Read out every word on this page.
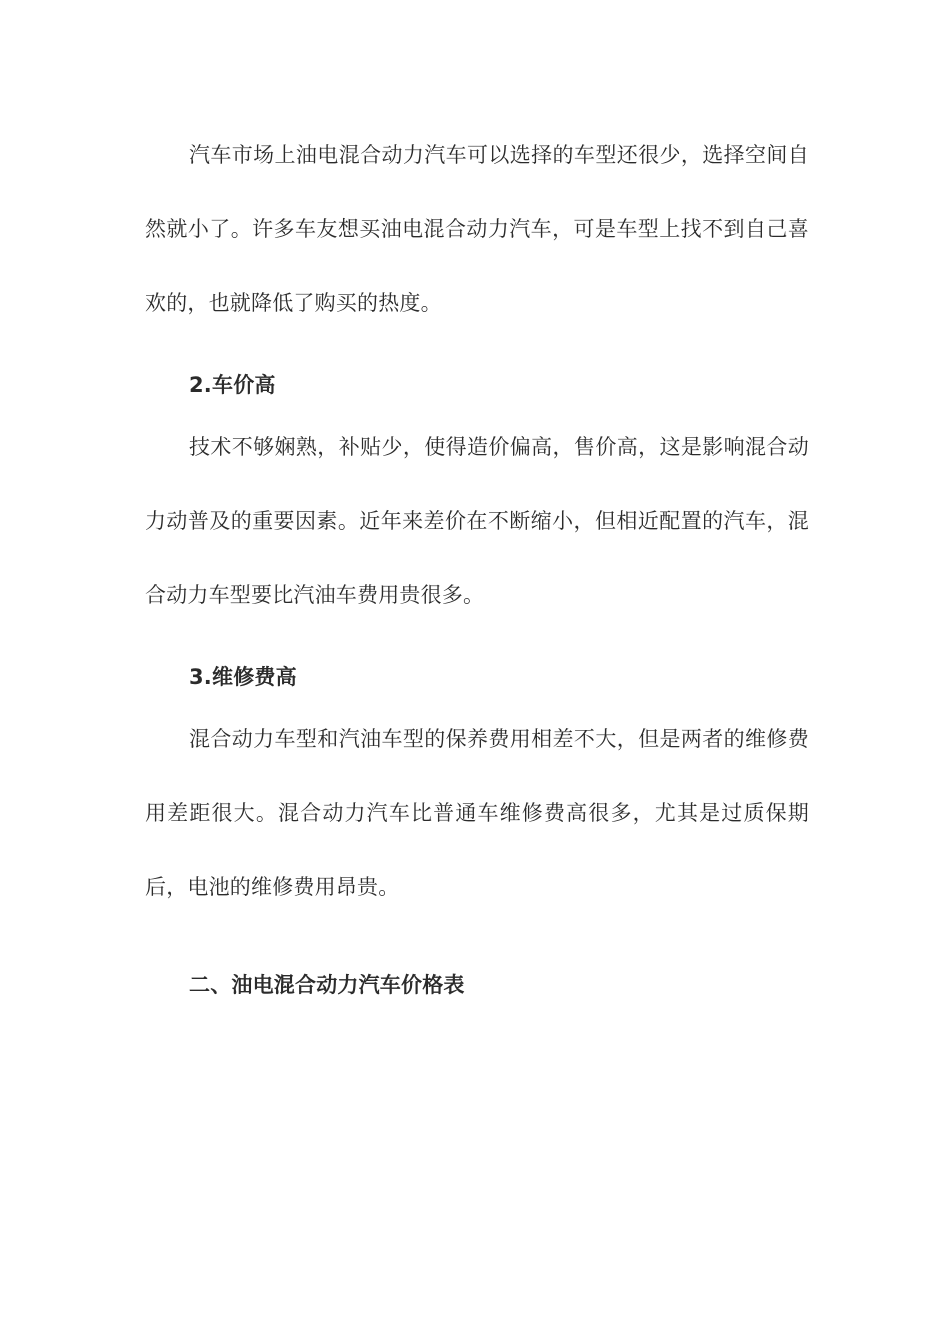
汽车市场上油电混合动力汽车可以选择的车型还很少，选择空间自然就小了。许多车友想买油电混合动力汽车，可是车型上找不到自己喜欢的，也就降低了购买的热度。

2.车价高

技术不够娴熟，补贴少，使得造价偏高，售价高，这是影响混合动力动普及的重要因素。近年来差价在不断缩小，但相近配置的汽车，混合动力车型要比汽油车费用贵很多。

3.维修费高

混合动力车型和汽油车型的保养费用相差不大，但是两者的维修费用差距很大。混合动力汽车比普通车维修费高很多，尤其是过质保期后，电池的维修费用昂贵。

二、油电混合动力汽车价格表
